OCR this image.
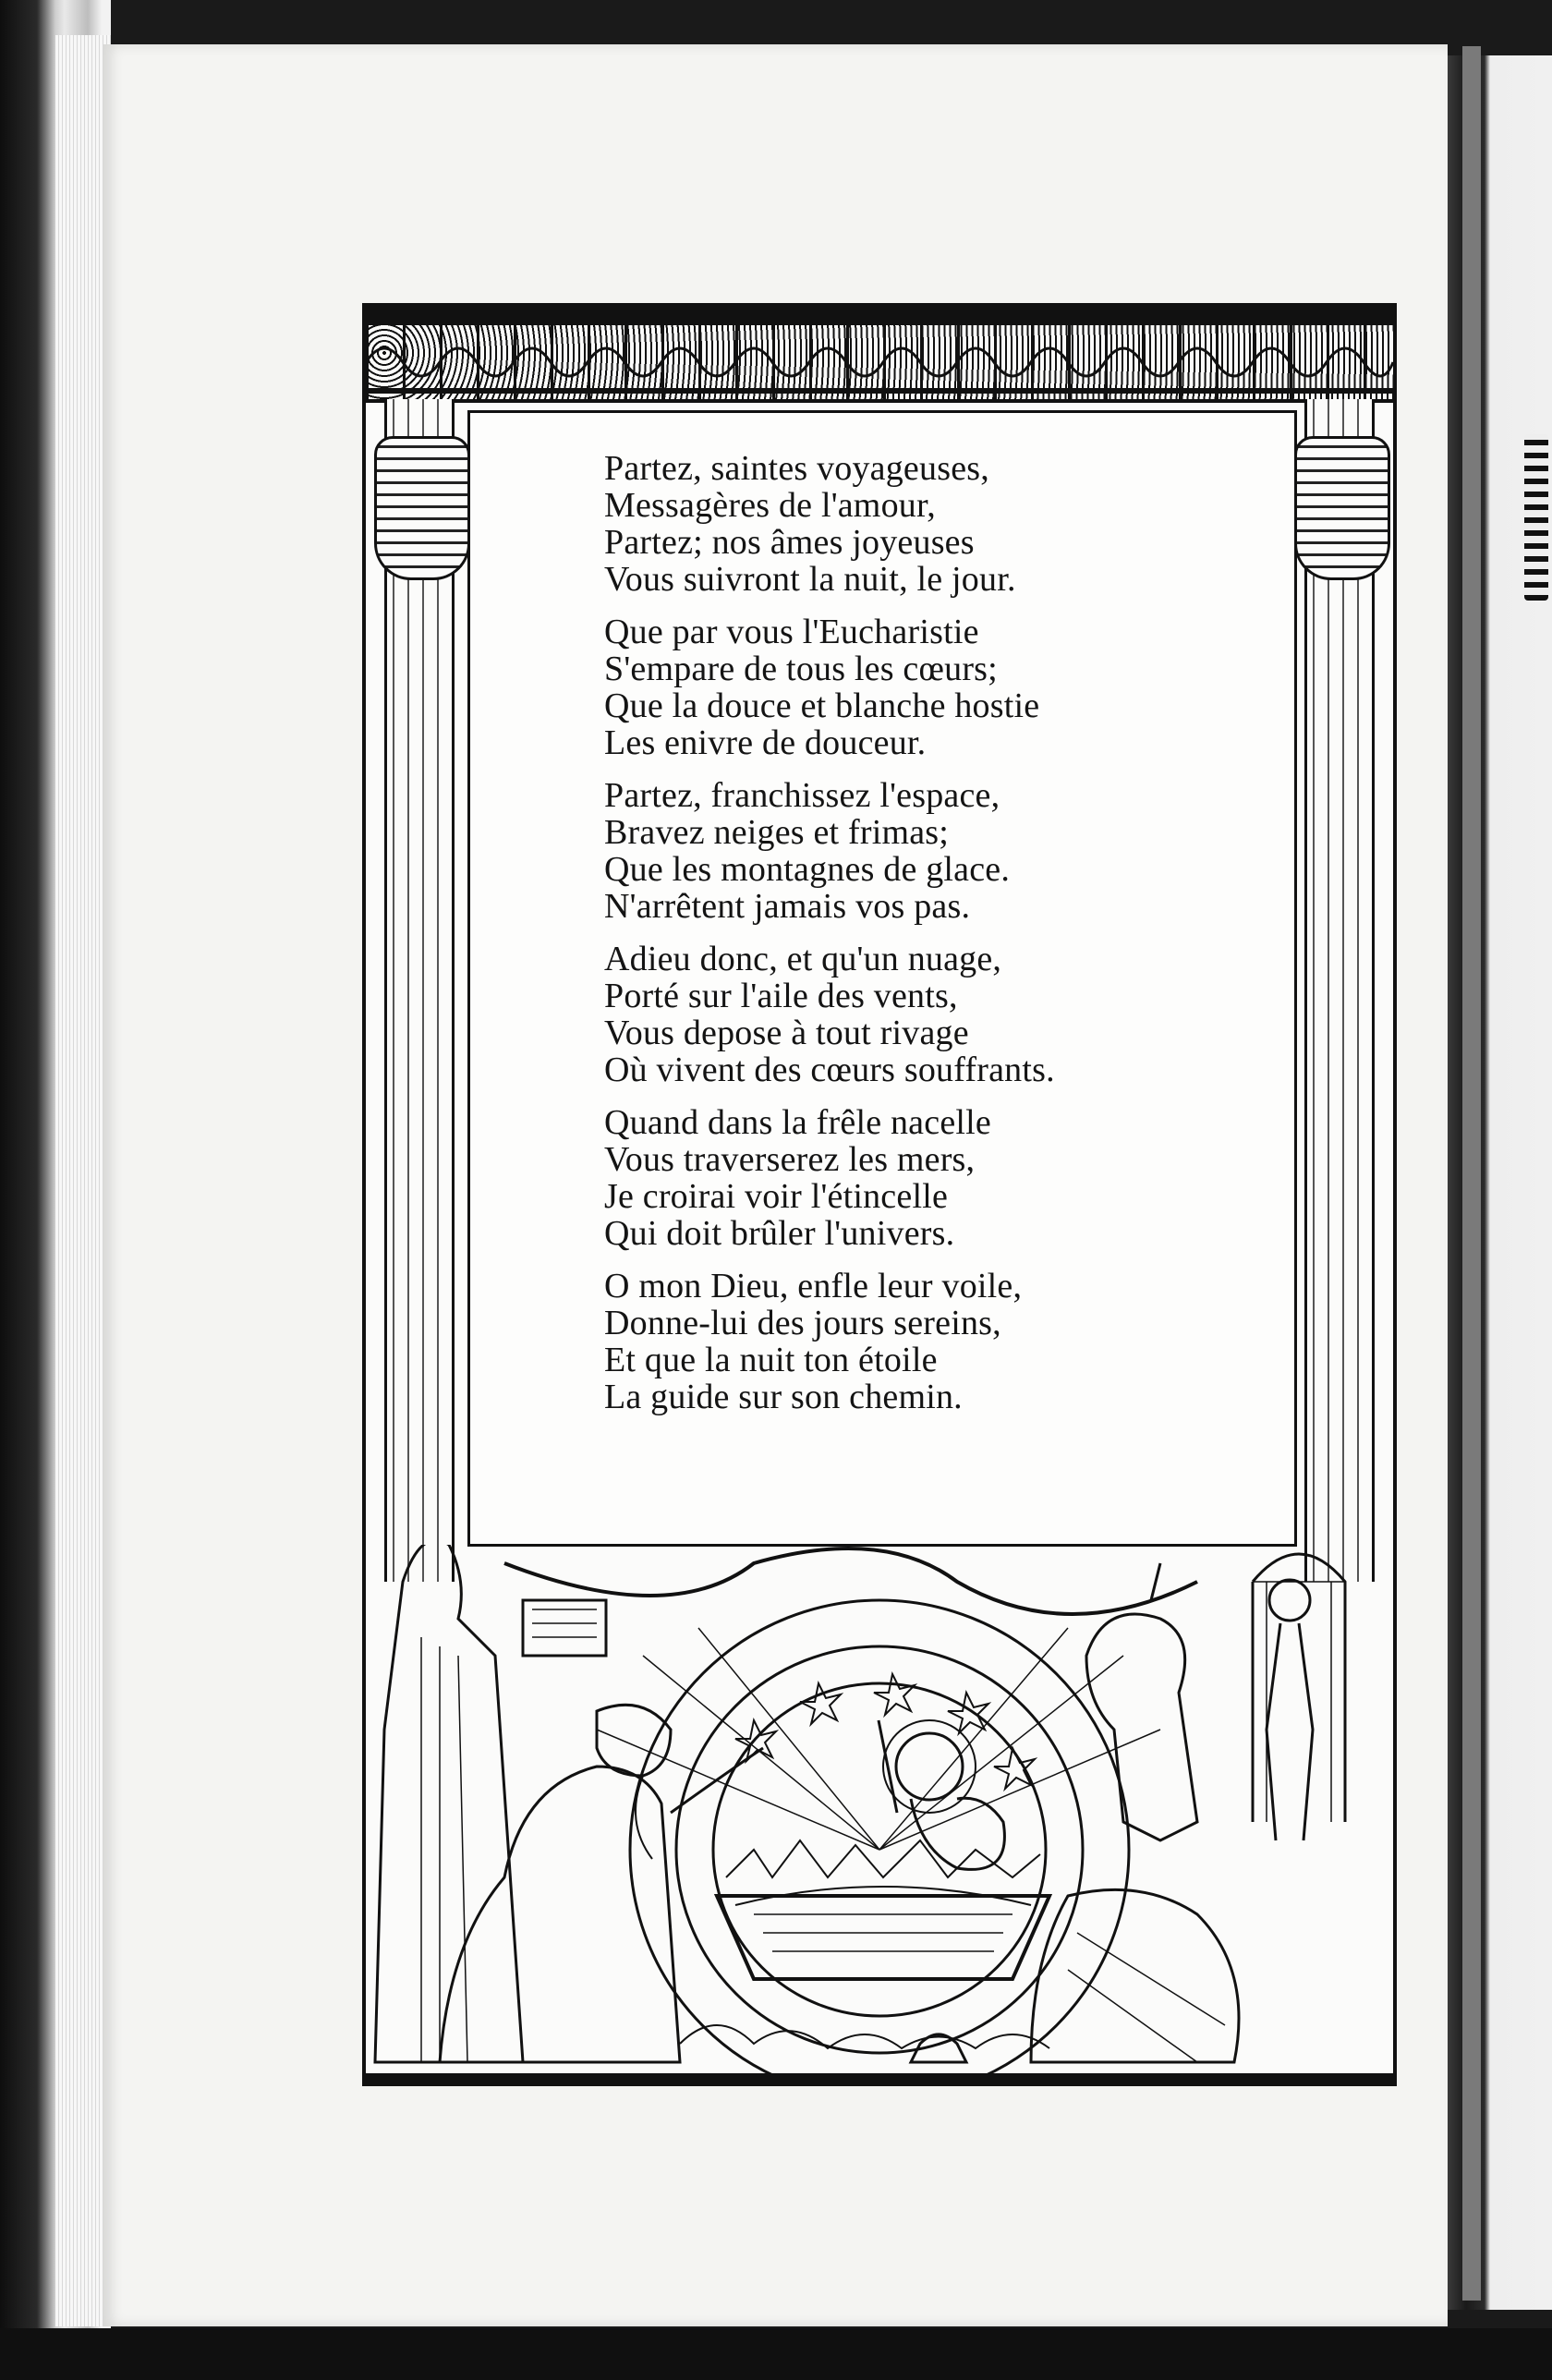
Partez, saintes voyageuses,
Messagères de l'amour,
Partez; nos âmes joyeuses
Vous suivront la nuit, le jour.
Que par vous l'Eucharistie
S'empare de tous les cœurs;
Que la douce et blanche hostie
Les enivre de douceur.
Partez, franchissez l'espace,
Bravez neiges et frimas;
Que les montagnes de glace.
N'arrêtent jamais vos pas.
Adieu donc, et qu'un nuage,
Porté sur l'aile des vents,
Vous depose à tout rivage
Où vivent des cœurs souffrants.
Quand dans la frêle nacelle
Vous traverserez les mers,
Je croirai voir l'étincelle
Qui doit brûler l'univers.
O mon Dieu, enfle leur voile,
Donne-lui des jours sereins,
Et que la nuit ton étoile
La guide sur son chemin.
